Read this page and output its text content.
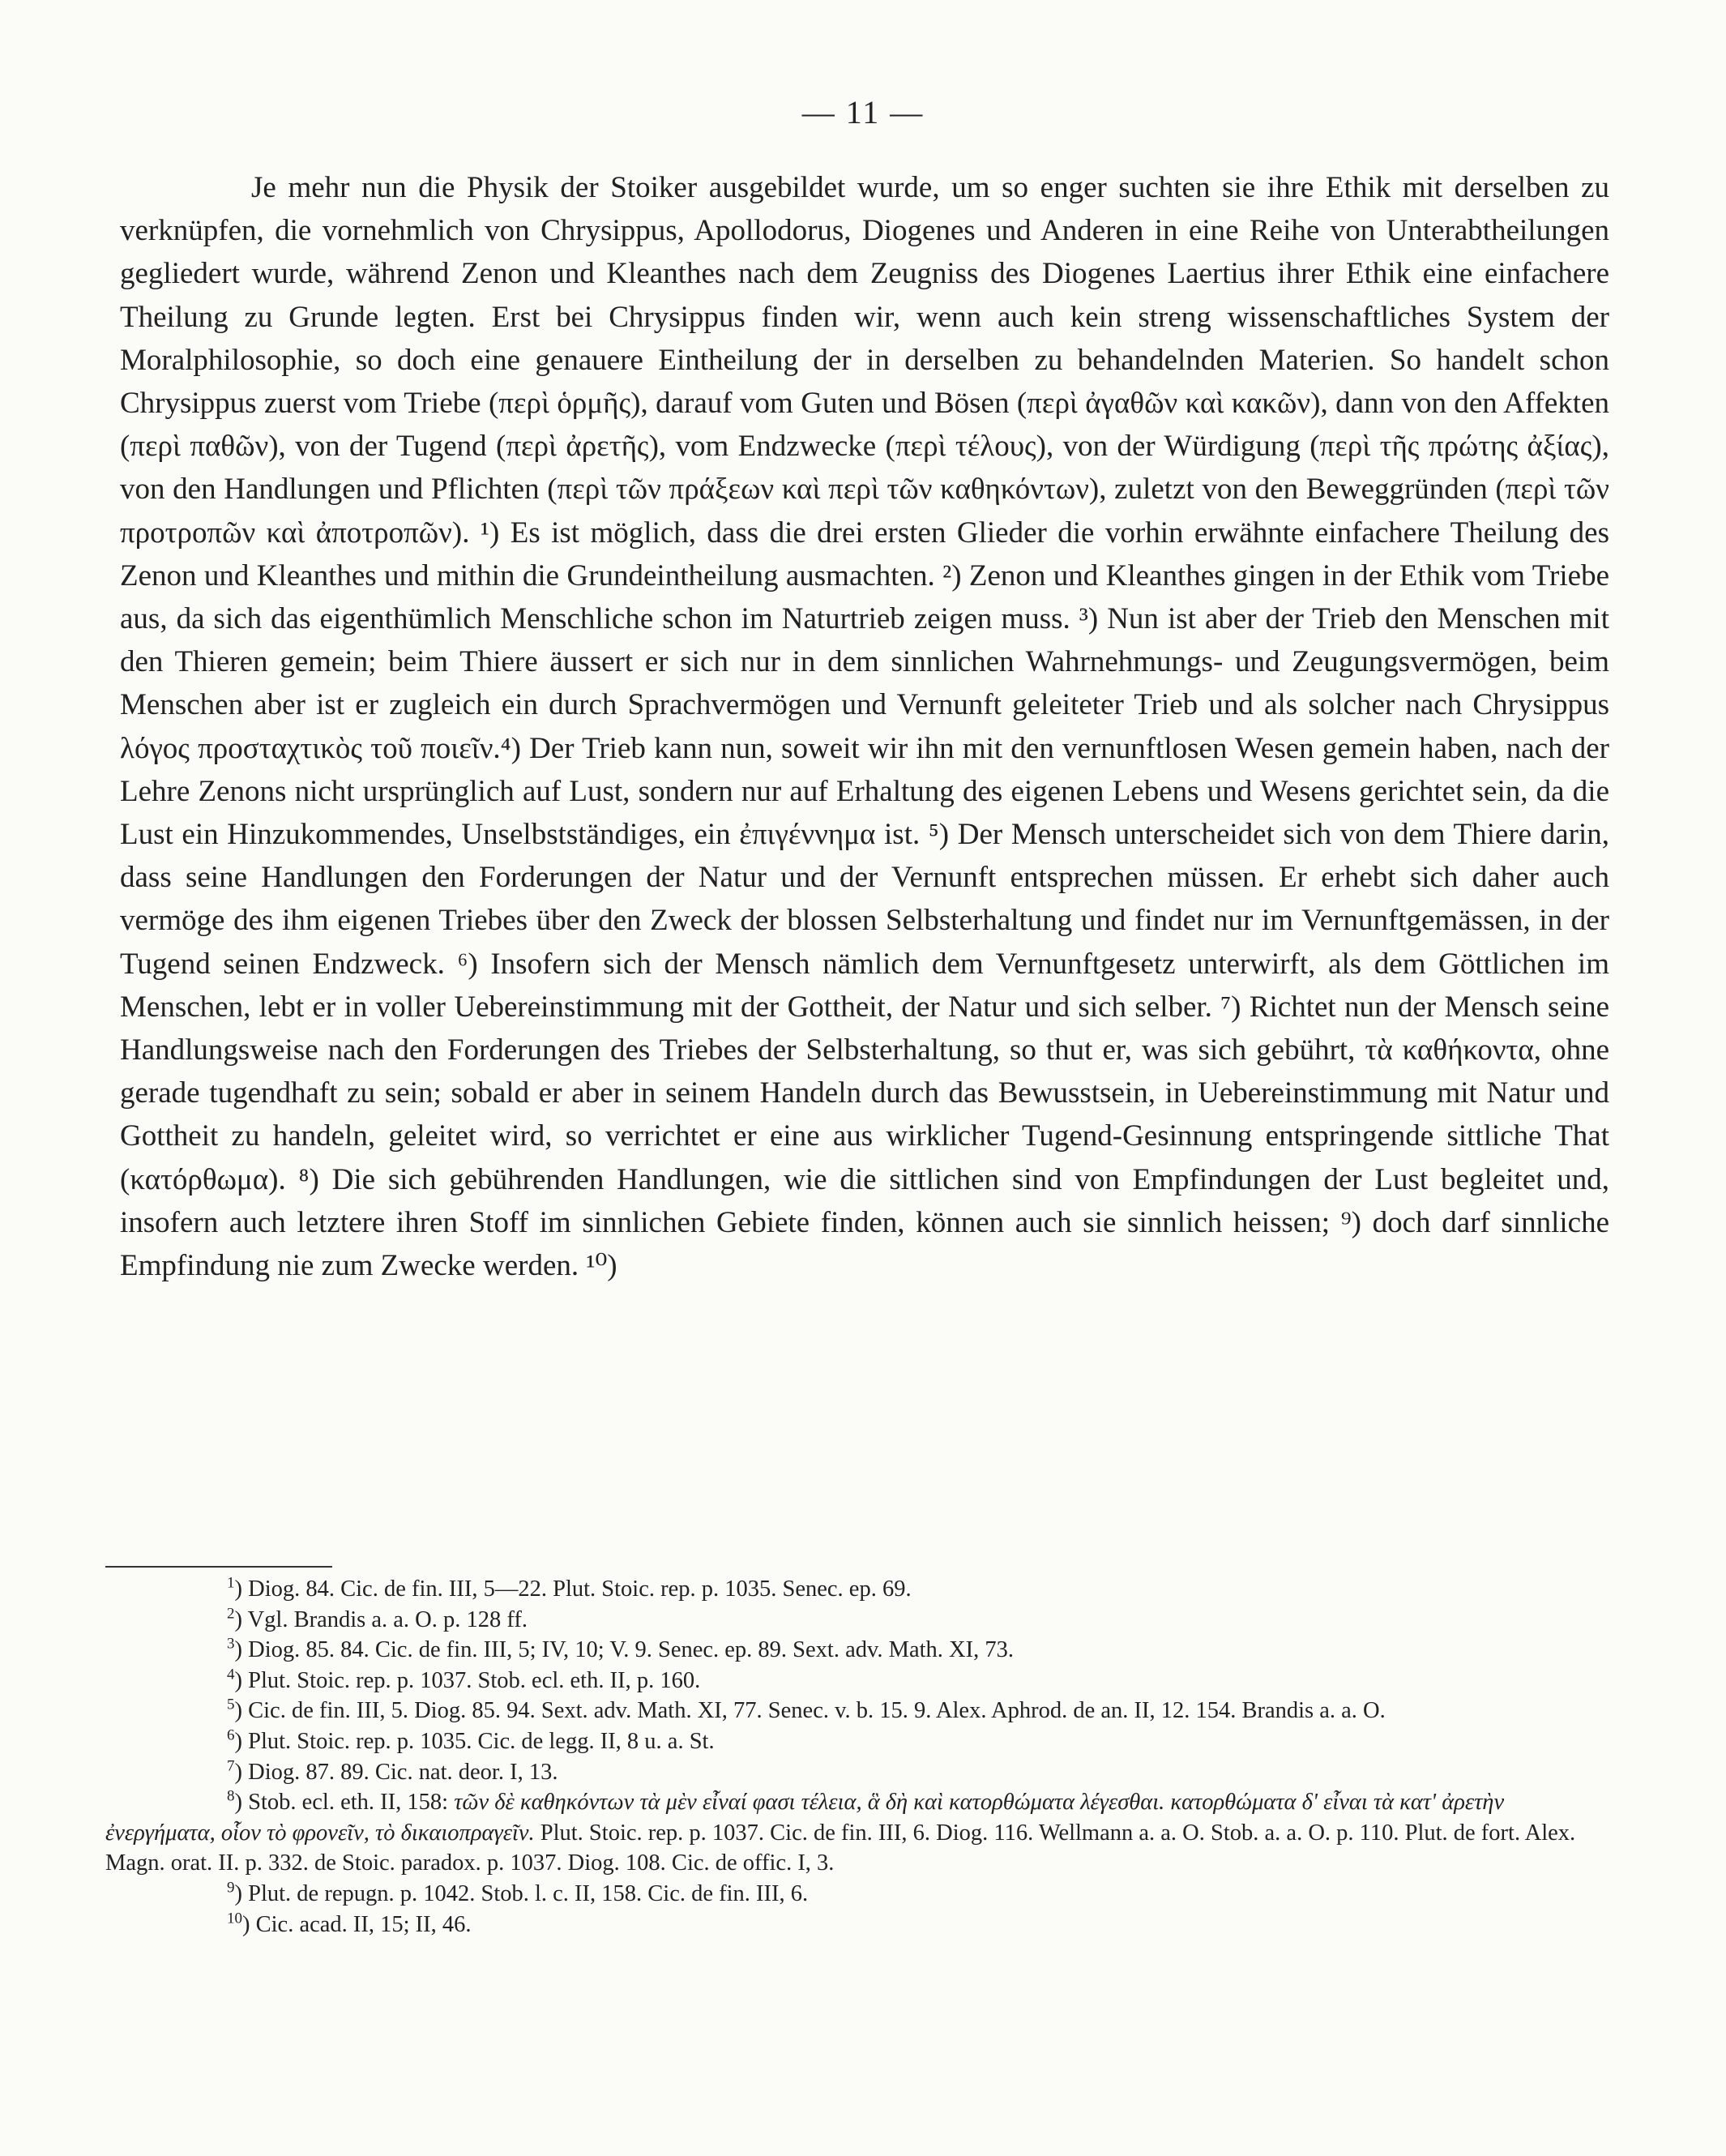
— 11 —

Je mehr nun die Physik der Stoiker ausgebildet wurde, um so enger suchten sie ihre Ethik mit derselben zu verknüpfen, die vornehmlich von Chrysippus, Apollodorus, Diogenes und Anderen in eine Reihe von Unterabtheilungen gegliedert wurde, während Zenon und Kleanthes nach dem Zeugniss des Diogenes Laertius ihrer Ethik eine einfachere Theilung zu Grunde legten. Erst bei Chrysippus finden wir, wenn auch kein streng wissenschaftliches System der Moralphilosophie, so doch eine genauere Eintheilung der in derselben zu behandelnden Materien. So handelt schon Chrysippus zuerst vom Triebe (περὶ ὁρμῆς), darauf vom Guten und Bösen (περὶ ἀγαθῶν καὶ κακῶν), dann von den Affekten (περὶ παθῶν), von der Tugend (περὶ ἀρετῆς), vom Endzwecke (περὶ τέλους), von der Würdigung (περὶ τῆς πρώτης ἀξίας), von den Handlungen und Pflichten (περὶ τῶν πράξεων καὶ περὶ τῶν καθηκόντων), zuletzt von den Beweggründen (περὶ τῶν προτροπῶν καὶ ἀποτροπῶν). ¹) Es ist möglich, dass die drei ersten Glieder die vorhin erwähnte einfachere Theilung des Zenon und Kleanthes und mithin die Grundeintheilung ausmachten. ²) Zenon und Kleanthes gingen in der Ethik vom Triebe aus, da sich das eigenthümlich Menschliche schon im Naturtrieb zeigen muss. ³) Nun ist aber der Trieb den Menschen mit den Thieren gemein; beim Thiere äussert er sich nur in dem sinnlichen Wahrnehmungs- und Zeugungsvermögen, beim Menschen aber ist er zugleich ein durch Sprachvermögen und Vernunft geleiteter Trieb und als solcher nach Chrysippus λόγος προσταχτικὸς τοῦ ποιεῖν.⁴) Der Trieb kann nun, soweit wir ihn mit den vernunftlosen Wesen gemein haben, nach der Lehre Zenons nicht ursprünglich auf Lust, sondern nur auf Erhaltung des eigenen Lebens und Wesens gerichtet sein, da die Lust ein Hinzukommendes, Unselbstständiges, ein ἐπιγέννημα ist. ⁵) Der Mensch unterscheidet sich von dem Thiere darin, dass seine Handlungen den Forderungen der Natur und der Vernunft entsprechen müssen. Er erhebt sich daher auch vermöge des ihm eigenen Triebes über den Zweck der blossen Selbsterhaltung und findet nur im Vernunftgemässen, in der Tugend seinen Endzweck. ⁶) Insofern sich der Mensch nämlich dem Vernunftgesetz unterwirft, als dem Göttlichen im Menschen, lebt er in voller Uebereinstimmung mit der Gottheit, der Natur und sich selber. ⁷) Richtet nun der Mensch seine Handlungsweise nach den Forderungen des Triebes der Selbsterhaltung, so thut er, was sich gebührt, τὰ καθήκοντα, ohne gerade tugendhaft zu sein; sobald er aber in seinem Handeln durch das Bewusstsein, in Uebereinstimmung mit Natur und Gottheit zu handeln, geleitet wird, so verrichtet er eine aus wirklicher Tugend-Gesinnung entspringende sittliche That (κατόρθωμα). ⁸) Die sich gebührenden Handlungen, wie die sittlichen sind von Empfindungen der Lust begleitet und, insofern auch letztere ihren Stoff im sinnlichen Gebiete finden, können auch sie sinnlich heissen; ⁹) doch darf sinnliche Empfindung nie zum Zwecke werden. ¹⁰)

$^1$) Diog. 84. Cic. de fin. III, 5—22. Plut. Stoic. rep. p. 1035. Senec. ep. 69.

$^2$) Vgl. Brandis a. a. O. p. 128 ff.

$^3$) Diog. 85. 84. Cic. de fin. III, 5; IV, 10; V. 9. Senec. ep. 89. Sext. adv. Math. XI, 73.

$^4$) Plut. Stoic. rep. p. 1037. Stob. ecl. eth. II, p. 160.

$^5$) Cic. de fin. III, 5. Diog. 85. 94. Sext. adv. Math. XI, 77. Senec. v. b. 15. 9. Alex. Aphrod. de an. II, 12. 154. Brandis a. a. O.

$^6$) Plut. Stoic. rep. p. 1035. Cic. de legg. II, 8 u. a. St.

$^7$) Diog. 87. 89. Cic. nat. deor. I, 13.

$^8$) Stob. ecl. eth. II, 158: τῶν δὲ καθηκόντων τὰ μὲν εἶναί φασι τέλεια, ἃ δὴ καὶ κατορθώματα λέγεσθαι. κατορθώματα δ' εἶναι τὰ κατ' ἀρετὴν ἐνεργήματα, οἷον τὸ φρονεῖν, τὸ δικαιοπραγεῖν. Plut. Stoic. rep. p. 1037. Cic. de fin. III, 6. Diog. 116. Wellmann a. a. O. Stob. a. a. O. p. 110. Plut. de fort. Alex. Magn. orat. II. p. 332. de Stoic. paradox. p. 1037. Diog. 108. Cic. de offic. I, 3.

$^9$) Plut. de repugn. p. 1042. Stob. l. c. II, 158. Cic. de fin. III, 6.

$^{10}$) Cic. acad. II, 15; II, 46.
